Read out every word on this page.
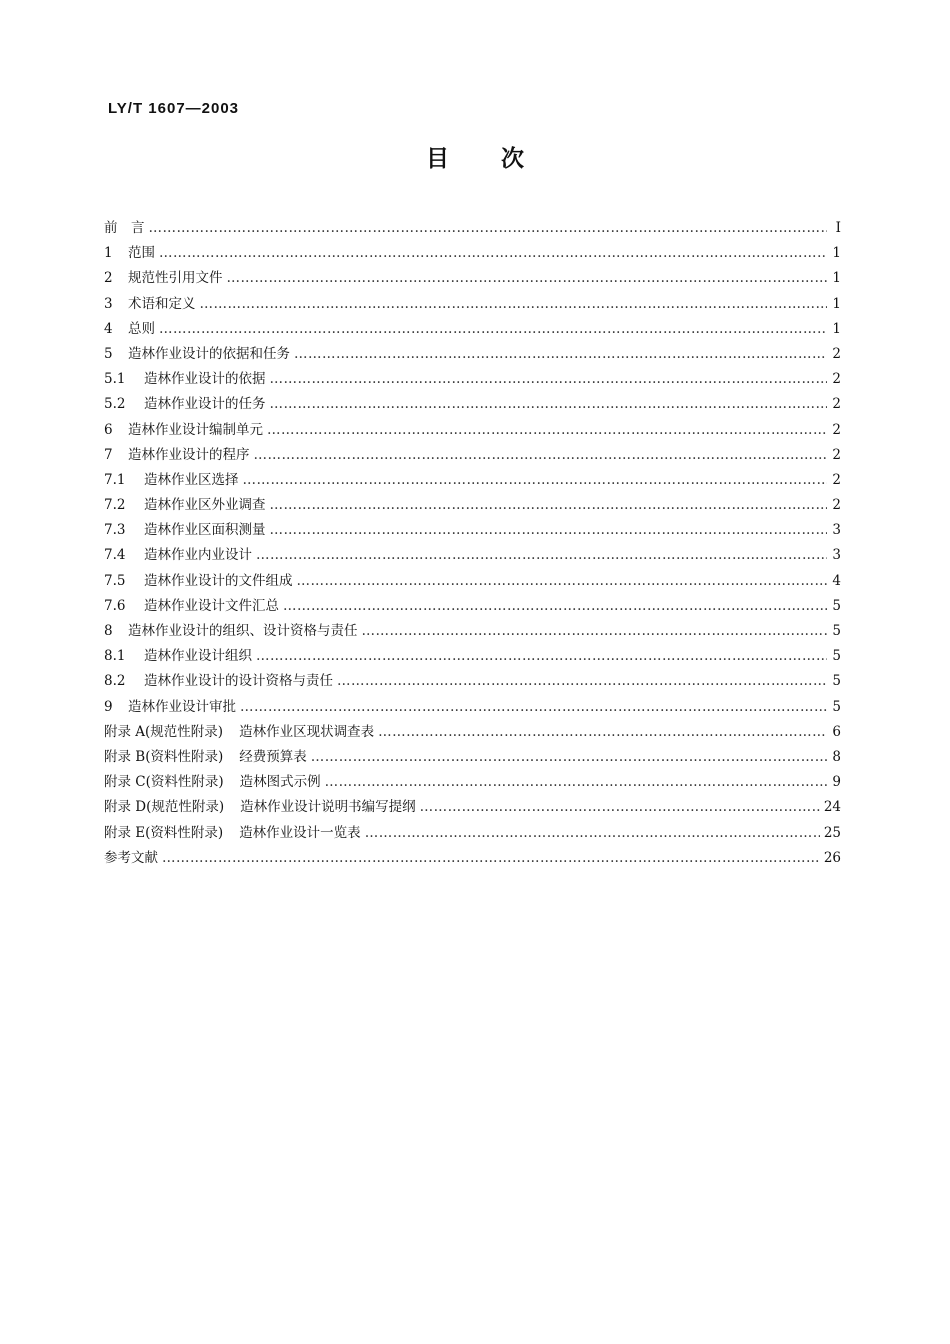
LY/T 1607—2003
目次
前　言 ………………………………………………………………………………………………………………………………………………………………………………………………………………………………………………………………	I
1 范围 ………………………………………………………………………………………………………………………………………………………………………………………………………………………………………………………………	1
2 规范性引用文件 ………………………………………………………………………………………………………………………………………………………………………………………………………………………………………………………………	1
3 术语和定义 ………………………………………………………………………………………………………………………………………………………………………………………………………………………………………………………………	1
4 总则 ………………………………………………………………………………………………………………………………………………………………………………………………………………………………………………………………	1
5 造林作业设计的依据和任务 ………………………………………………………………………………………………………………………………………………………………………………………………………………………………………………………………	2
5.1 造林作业设计的依据 ………………………………………………………………………………………………………………………………………………………………………………………………………………………………………………………………	2
5.2 造林作业设计的任务 ………………………………………………………………………………………………………………………………………………………………………………………………………………………………………………………………	2
6 造林作业设计编制单元 ………………………………………………………………………………………………………………………………………………………………………………………………………………………………………………………………	2
7 造林作业设计的程序 ………………………………………………………………………………………………………………………………………………………………………………………………………………………………………………………………	2
7.1 造林作业区选择 ………………………………………………………………………………………………………………………………………………………………………………………………………………………………………………………………	2
7.2 造林作业区外业调查 ………………………………………………………………………………………………………………………………………………………………………………………………………………………………………………………………	2
7.3 造林作业区面积测量 ………………………………………………………………………………………………………………………………………………………………………………………………………………………………………………………………	3
7.4 造林作业内业设计 ………………………………………………………………………………………………………………………………………………………………………………………………………………………………………………………………	3
7.5 造林作业设计的文件组成 ………………………………………………………………………………………………………………………………………………………………………………………………………………………………………………………………	4
7.6 造林作业设计文件汇总 ………………………………………………………………………………………………………………………………………………………………………………………………………………………………………………………………	5
8 造林作业设计的组织、设计资格与责任 ………………………………………………………………………………………………………………………………………………………………………………………………………………………………………………………………	5
8.1 造林作业设计组织 ………………………………………………………………………………………………………………………………………………………………………………………………………………………………………………………………	5
8.2 造林作业设计的设计资格与责任 ………………………………………………………………………………………………………………………………………………………………………………………………………………………………………………………………	5
9 造林作业设计审批 ………………………………………………………………………………………………………………………………………………………………………………………………………………………………………………………………	5
附录 A(规范性附录) 造林作业区现状调查表 ………………………………………………………………………………………………………………………………………………………………………………………………………………………………………………………………	6
附录 B(资料性附录) 经费预算表 ………………………………………………………………………………………………………………………………………………………………………………………………………………………………………………………………	8
附录 C(资料性附录) 造林图式示例 ………………………………………………………………………………………………………………………………………………………………………………………………………………………………………………………………	9
附录 D(规范性附录) 造林作业设计说明书编写提纲 ………………………………………………………………………………………………………………………………………………………………………………………………………………………………………………………………	24
附录 E(资料性附录) 造林作业设计一览表 ………………………………………………………………………………………………………………………………………………………………………………………………………………………………………………………………	25
参考文献 ………………………………………………………………………………………………………………………………………………………………………………………………………………………………………………………………	26
